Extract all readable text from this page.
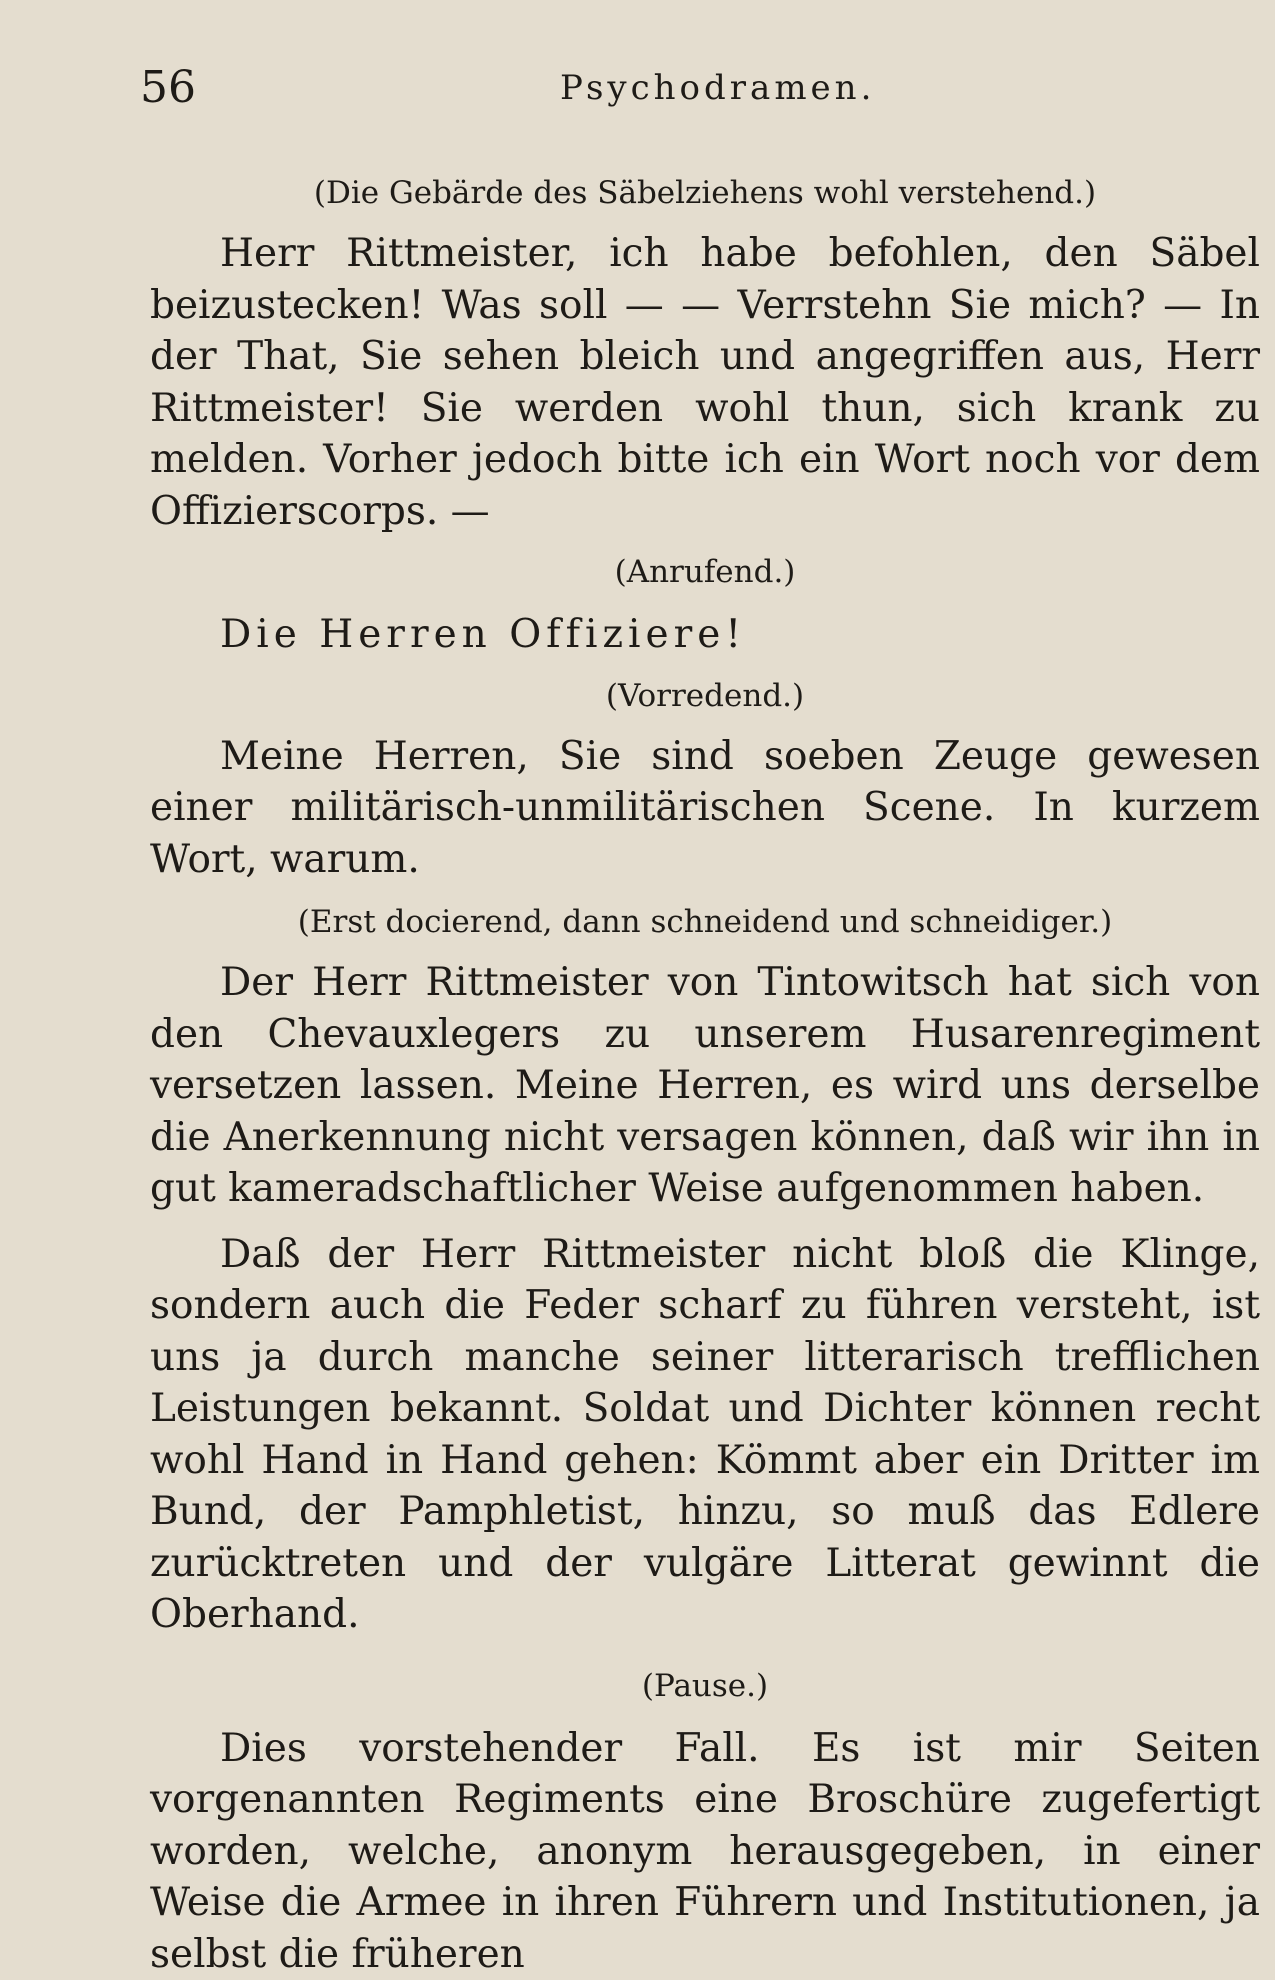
56	Psychodramen.

(Die Gebärde des Säbelziehens wohl verstehend.)

Herr Rittmeister, ich habe befohlen, den Säbel beizustecken! Was soll — — Verrstehn Sie mich? — In der That, Sie sehen bleich und angegriffen aus, Herr Rittmeister! Sie werden wohl thun, sich krank zu melden. Vorher jedoch bitte ich ein Wort noch vor dem Offizierscorps. —

(Anrufend.)

Die Herren Offiziere!

(Vorredend.)

Meine Herren, Sie sind soeben Zeuge gewesen einer militärisch-unmilitärischen Scene. In kurzem Wort, warum.

(Erst docierend, dann schneidend und schneidiger.)

Der Herr Rittmeister von Tintowitsch hat sich von den Chevauxlegers zu unserem Husarenregiment versetzen lassen. Meine Herren, es wird uns derselbe die Anerkennung nicht versagen können, daß wir ihn in gut kameradschaftlicher Weise aufgenommen haben.

Daß der Herr Rittmeister nicht bloß die Klinge, sondern auch die Feder scharf zu führen versteht, ist uns ja durch manche seiner litterarisch trefflichen Leistungen bekannt. Soldat und Dichter können recht wohl Hand in Hand gehen: Kömmt aber ein Dritter im Bund, der Pamphletist, hinzu, so muß das Edlere zurücktreten und der vulgäre Litterat gewinnt die Oberhand.

(Pause.)

Dies vorstehender Fall. Es ist mir Seiten vorgenannten Regiments eine Broschüre zugefertigt worden, welche, anonym herausgegeben, in einer Weise die Armee in ihren Führern und Institutionen, ja selbst die früheren
